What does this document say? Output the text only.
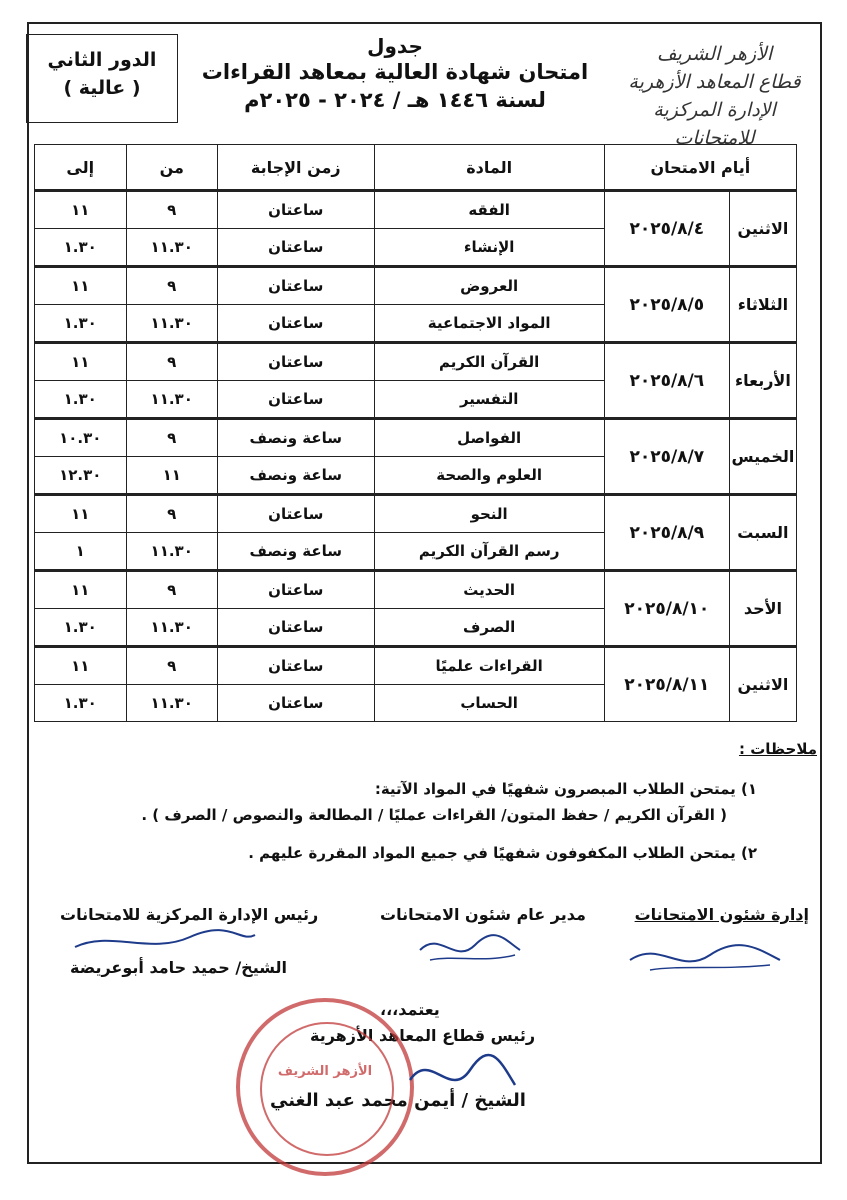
الدور الثاني
( عالية )
جدول
امتحان شهادة العالية بمعاهد القراءات
لسنة ١٤٤٦ هـ / ٢٠٢٤ - ٢٠٢٥م
الأزهر الشريف
قطاع المعاهد الأزهرية
الإدارة المركزية للامتحانات
أيام الامتحان		المادة	زمن الإجابة	من	إلى
الاثنين	٢٠٢٥/٨/٤	الفقه	ساعتان	٩	١١
		الإنشاء	ساعتان	١١.٣٠	١.٣٠
الثلاثاء	٢٠٢٥/٨/٥	العروض	ساعتان	٩	١١
		المواد الاجتماعية	ساعتان	١١.٣٠	١.٣٠
الأربعاء	٢٠٢٥/٨/٦	القرآن الكريم	ساعتان	٩	١١
		التفسير	ساعتان	١١.٣٠	١.٣٠
الخميس	٢٠٢٥/٨/٧	الفواصل	ساعة ونصف	٩	١٠.٣٠
		العلوم والصحة	ساعة ونصف	١١	١٢.٣٠
السبت	٢٠٢٥/٨/٩	النحو	ساعتان	٩	١١
		رسم القرآن الكريم	ساعة ونصف	١١.٣٠	١
الأحد	٢٠٢٥/٨/١٠	الحديث	ساعتان	٩	١١
		الصرف	ساعتان	١١.٣٠	١.٣٠
الاثنين	٢٠٢٥/٨/١١	القراءات علميًا	ساعتان	٩	١١
		الحساب	ساعتان	١١.٣٠	١.٣٠
ملاحظات :
١) يمتحن الطلاب المبصرون شفهيًا في المواد الآتية:
( القرآن الكريم / حفظ المتون/ القراءات عمليًا / المطالعة والنصوص / الصرف ) .
٢) يمتحن الطلاب المكفوفون شفهيًا في جميع المواد المقررة عليهم .
إدارة شئون الامتحانات
مدير عام شئون الامتحانات
رئيس الإدارة المركزية للامتحانات
الشيخ/ حميد حامد أبوعريضة
يعتمد،،،
رئيس قطاع المعاهد الأزهرية
الشيخ / أيمن محمد عبد الغني
الأزهر الشريف
